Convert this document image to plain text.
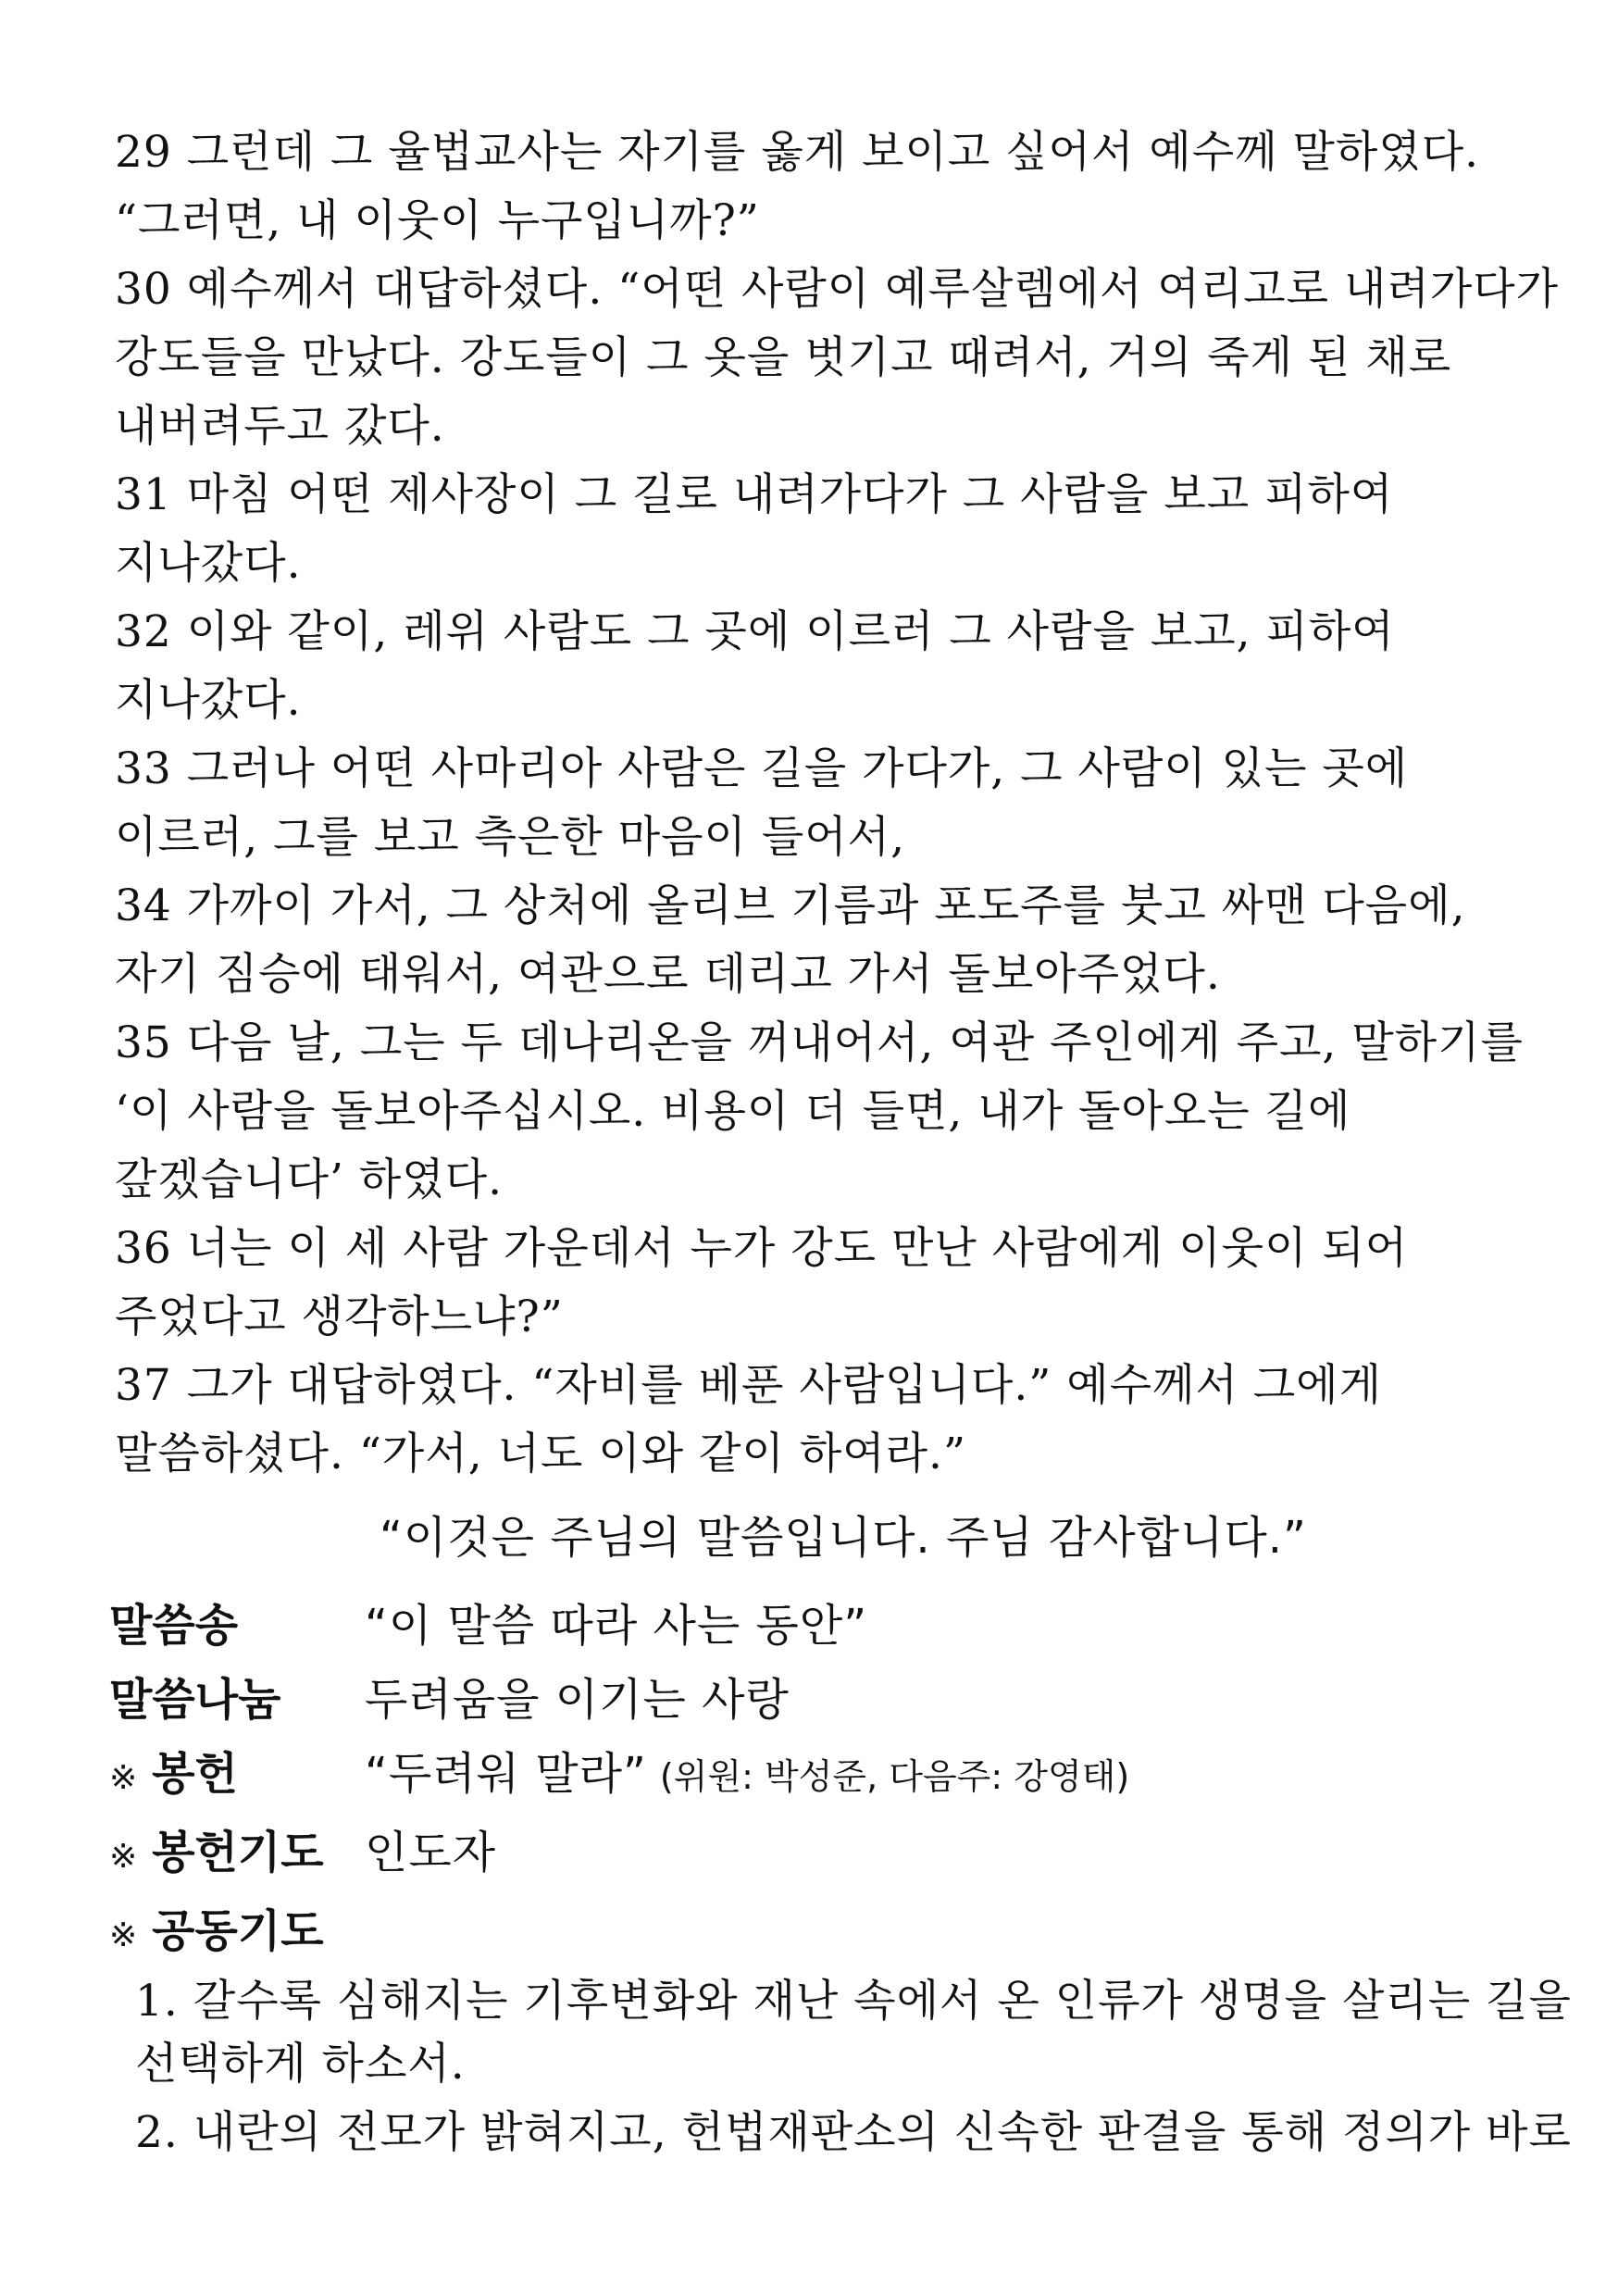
29 그런데 그 율법교사는 자기를 옳게 보이고 싶어서 예수께 말하였다.
“그러면, 내 이웃이 누구입니까?”

30 예수께서 대답하셨다. “어떤 사람이 예루살렘에서 여리고로 내려가다가
강도들을 만났다. 강도들이 그 옷을 벗기고 때려서, 거의 죽게 된 채로
내버려두고 갔다.

31 마침 어떤 제사장이 그 길로 내려가다가 그 사람을 보고 피하여
지나갔다.

32 이와 같이, 레위 사람도 그 곳에 이르러 그 사람을 보고, 피하여
지나갔다.

33 그러나 어떤 사마리아 사람은 길을 가다가, 그 사람이 있는 곳에
이르러, 그를 보고 측은한 마음이 들어서,

34 가까이 가서, 그 상처에 올리브 기름과 포도주를 붓고 싸맨 다음에,
자기 짐승에 태워서, 여관으로 데리고 가서 돌보아주었다.

35 다음 날, 그는 두 데나리온을 꺼내어서, 여관 주인에게 주고, 말하기를
‘이 사람을 돌보아주십시오. 비용이 더 들면, 내가 돌아오는 길에
갚겠습니다’ 하였다.

36 너는 이 세 사람 가운데서 누가 강도 만난 사람에게 이웃이 되어
주었다고 생각하느냐?”

37 그가 대답하였다. “자비를 베푼 사람입니다.” 예수께서 그에게
말씀하셨다. “가서, 너도 이와 같이 하여라.”

“이것은 주님의 말씀입니다. 주님 감사합니다.”
말씀송	“이 말씀 따라 사는 동안”
말씀나눔	두려움을 이기는 사랑
※ 봉헌	“두려워 말라” (위원: 박성준, 다음주: 강영태)
※ 봉헌기도 인도자
※ 공동기도
1. 갈수록 심해지는 기후변화와 재난 속에서 온 인류가 생명을 살리는 길을
선택하게 하소서.
2. 내란의 전모가 밝혀지고, 헌법재판소의 신속한 판결을 통해 정의가 바로
